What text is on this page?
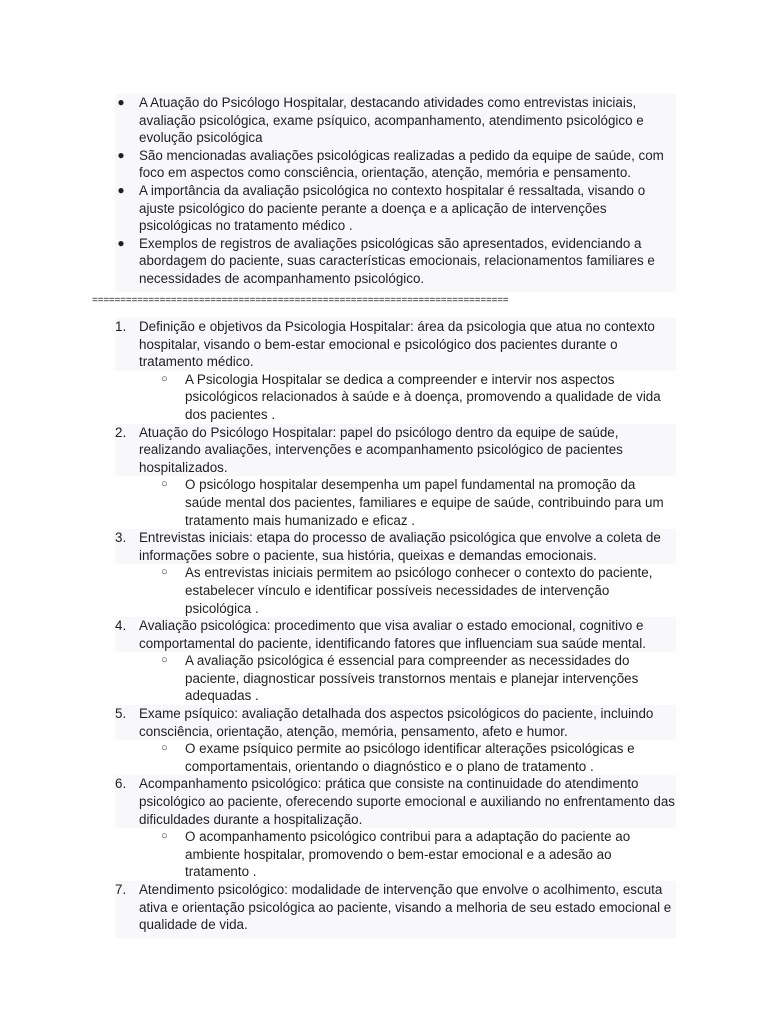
● A Atuação do Psicólogo Hospitalar, destacando atividades como entrevistas iniciais, avaliação psicológica, exame psíquico, acompanhamento, atendimento psicológico e evolução psicológica
● São mencionadas avaliações psicológicas realizadas a pedido da equipe de saúde, com foco em aspectos como consciência, orientação, atenção, memória e pensamento.
● A importância da avaliação psicológica no contexto hospitalar é ressaltada, visando o ajuste psicológico do paciente perante a doença e a aplicação de intervenções psicológicas no tratamento médico .
● Exemplos de registros de avaliações psicológicas são apresentados, evidenciando a abordagem do paciente, suas características emocionais, relacionamentos familiares e necessidades de acompanhamento psicológico.
==========================================================================
1. Definição e objetivos da Psicologia Hospitalar: área da psicologia que atua no contexto hospitalar, visando o bem-estar emocional e psicológico dos pacientes durante o tratamento médico.
○ A Psicologia Hospitalar se dedica a compreender e intervir nos aspectos psicológicos relacionados à saúde e à doença, promovendo a qualidade de vida dos pacientes .
2. Atuação do Psicólogo Hospitalar: papel do psicólogo dentro da equipe de saúde, realizando avaliações, intervenções e acompanhamento psicológico de pacientes hospitalizados.
○ O psicólogo hospitalar desempenha um papel fundamental na promoção da saúde mental dos pacientes, familiares e equipe de saúde, contribuindo para um tratamento mais humanizado e eficaz .
3. Entrevistas iniciais: etapa do processo de avaliação psicológica que envolve a coleta de informações sobre o paciente, sua história, queixas e demandas emocionais.
○ As entrevistas iniciais permitem ao psicólogo conhecer o contexto do paciente, estabelecer vínculo e identificar possíveis necessidades de intervenção psicológica .
4. Avaliação psicológica: procedimento que visa avaliar o estado emocional, cognitivo e comportamental do paciente, identificando fatores que influenciam sua saúde mental.
○ A avaliação psicológica é essencial para compreender as necessidades do paciente, diagnosticar possíveis transtornos mentais e planejar intervenções adequadas .
5. Exame psíquico: avaliação detalhada dos aspectos psicológicos do paciente, incluindo consciência, orientação, atenção, memória, pensamento, afeto e humor.
○ O exame psíquico permite ao psicólogo identificar alterações psicológicas e comportamentais, orientando o diagnóstico e o plano de tratamento .
6. Acompanhamento psicológico: prática que consiste na continuidade do atendimento psicológico ao paciente, oferecendo suporte emocional e auxiliando no enfrentamento das dificuldades durante a hospitalização.
○ O acompanhamento psicológico contribui para a adaptação do paciente ao ambiente hospitalar, promovendo o bem-estar emocional e a adesão ao tratamento .
7. Atendimento psicológico: modalidade de intervenção que envolve o acolhimento, escuta ativa e orientação psicológica ao paciente, visando a melhoria de seu estado emocional e qualidade de vida.
